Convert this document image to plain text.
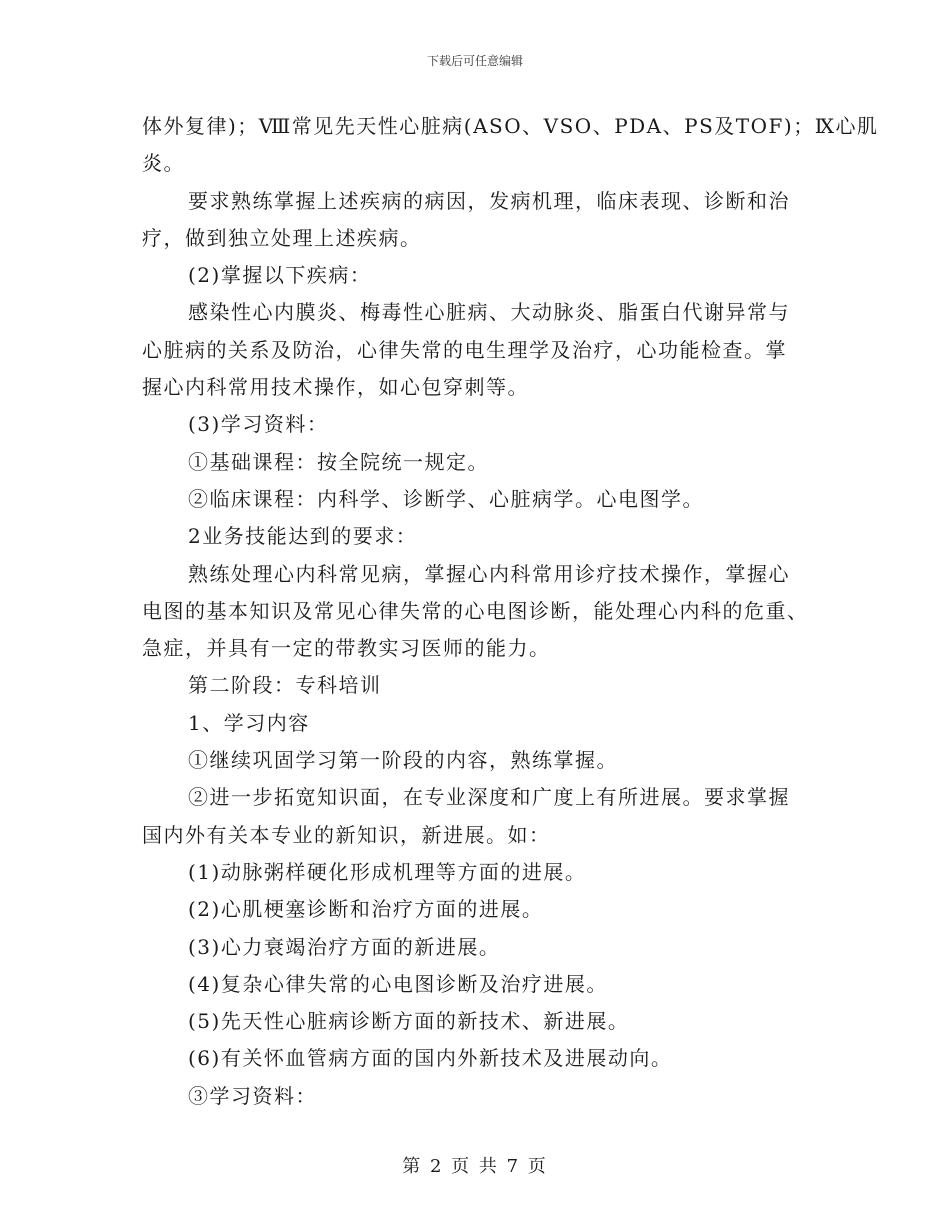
下载后可任意编辑
体外复律)；Ⅷ常见先天性心脏病(ASO、VSO、PDA、PS及TOF)；Ⅸ心肌
炎。
要求熟练掌握上述疾病的病因，发病机理，临床表现、诊断和治
疗，做到独立处理上述疾病。
(2)掌握以下疾病：
感染性心内膜炎、梅毒性心脏病、大动脉炎、脂蛋白代谢异常与
心脏病的关系及防治，心律失常的电生理学及治疗，心功能检查。掌
握心内科常用技术操作，如心包穿刺等。
(3)学习资料：
①基础课程：按全院统一规定。
②临床课程：内科学、诊断学、心脏病学。心电图学。
2业务技能达到的要求：
熟练处理心内科常见病，掌握心内科常用诊疗技术操作，掌握心
电图的基本知识及常见心律失常的心电图诊断，能处理心内科的危重、
急症，并具有一定的带教实习医师的能力。
第二阶段：专科培训
1、学习内容
①继续巩固学习第一阶段的内容，熟练掌握。
②进一步拓宽知识面，在专业深度和广度上有所进展。要求掌握
国内外有关本专业的新知识，新进展。如：
(1)动脉粥样硬化形成机理等方面的进展。
(2)心肌梗塞诊断和治疗方面的进展。
(3)心力衰竭治疗方面的新进展。
(4)复杂心律失常的心电图诊断及治疗进展。
(5)先天性心脏病诊断方面的新技术、新进展。
(6)有关怀血管病方面的国内外新技术及进展动向。
③学习资料：
第 2 页 共 7 页
